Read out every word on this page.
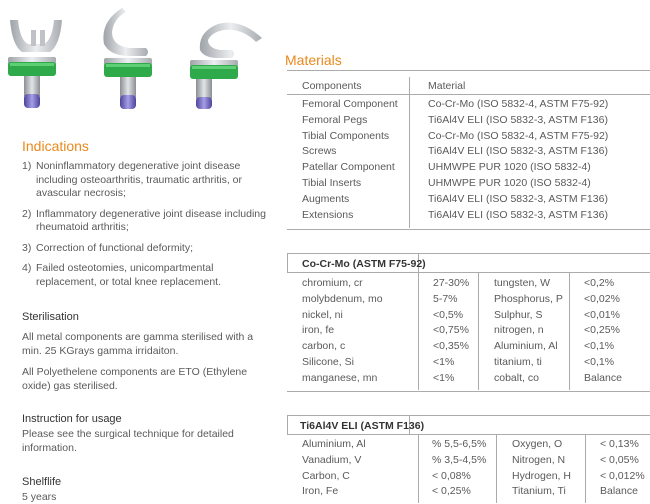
Indications
1) Noninflammatory degenerative joint disease including osteoarthritis, traumatic arthritis, or avascular necrosis;
2) Inflammatory degenerative joint disease including rheumatoid arthritis;
3) Correction of functional deformity;
4) Failed osteotomies, unicompartmental replacement, or total knee replacement.
Sterilisation
All metal components are gamma sterilised with a min. 25 KGrays gamma irridaiton.
All Polyethelene components are ETO (Ethylene oxide) gas sterilised.
Instruction for usage
Please see the surgical technique for detailed information.
Shelflife
5 years
Materials
Components	Material
Femoral Component	Co-Cr-Mo (ISO 5832-4, ASTM F75-92)
Femoral Pegs	Ti6Al4V ELI (ISO 5832-3, ASTM F136)
Tibial Components	Co-Cr-Mo (ISO 5832-4, ASTM F75-92)
Screws	Ti6Al4V ELI (ISO 5832-3, ASTM F136)
Patellar Component	UHMWPE PUR 1020 (ISO 5832-4)
Tibial Inserts	UHMWPE PUR 1020 (ISO 5832-4)
Augments	Ti6Al4V ELI (ISO 5832-3, ASTM F136)
Extensions	Ti6Al4V ELI (ISO 5832-3, ASTM F136)
Co-Cr-Mo (ASTM F75-92)
chromium, cr	27-30% tungsten, W	<0,2%
molybdenum, mo	5-7%	Phosphorus, P <0,02%
nickel, ni	<0,5%	Sulphur, S	<0,01%
iron, fe	<0,75% nitrogen, n	<0,25%
carbon, c	<0,35% Aluminium, Al	<0,1%
Silicone, Si	<1%	titanium, ti	<0,1%
manganese, mn	<1%	cobalt, co	Balance
Ti6Al4V ELI (ASTM F136)
Aluminium, Al	% 5,5-6,5% Oxygen, O	< 0,13%
Vanadium, V	% 3,5-4,5% Nitrogen, N	< 0,05%
Carbon, C	< 0,08%	Hydrogen, H	< 0,012%
Iron, Fe	< 0,25%	Titanium, Ti	Balance
